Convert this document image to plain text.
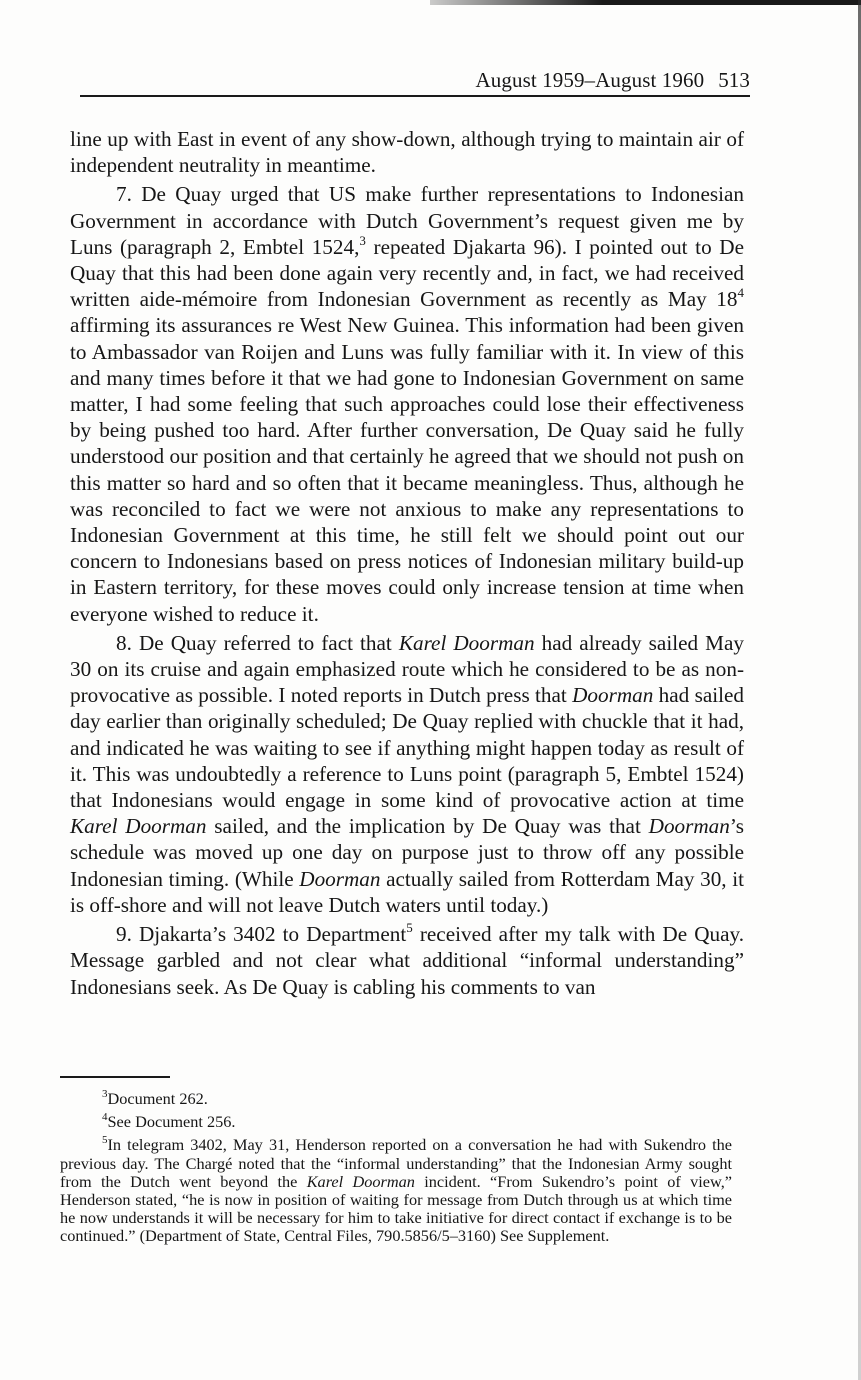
August 1959–August 1960 513

line up with East in event of any show-down, although trying to maintain air of independent neutrality in meantime.

7. De Quay urged that US make further representations to Indonesian Government in accordance with Dutch Government’s request given me by Luns (paragraph 2, Embtel 1524,$^3$ repeated Djakarta 96). I pointed out to De Quay that this had been done again very recently and, in fact, we had received written aide-mémoire from Indonesian Government as recently as May $18^4$ affirming its assurances re West New Guinea. This information had been given to Ambassador van Roijen and Luns was fully familiar with it. In view of this and many times before it that we had gone to Indonesian Government on same matter, I had some feeling that such approaches could lose their effectiveness by being pushed too hard. After further conversation, De Quay said he fully understood our position and that certainly he agreed that we should not push on this matter so hard and so often that it became meaningless. Thus, although he was reconciled to fact we were not anxious to make any representations to Indonesian Government at this time, he still felt we should point out our concern to Indonesians based on press notices of Indonesian military build-up in Eastern territory, for these moves could only increase tension at time when everyone wished to reduce it.

8. De Quay referred to fact that Karel Doorman had already sailed May 30 on its cruise and again emphasized route which he considered to be as non-provocative as possible. I noted reports in Dutch press that Doorman had sailed day earlier than originally scheduled; De Quay replied with chuckle that it had, and indicated he was waiting to see if anything might happen today as result of it. This was undoubtedly a reference to Luns point (paragraph 5, Embtel 1524) that Indonesians would engage in some kind of provocative action at time Karel Doorman sailed, and the implication by De Quay was that Doorman’s schedule was moved up one day on purpose just to throw off any possible Indonesian timing. (While Doorman actually sailed from Rotterdam May 30, it is off-shore and will not leave Dutch waters until today.)

9. Djakarta’s 3402 to Department$^5$ received after my talk with De Quay. Message garbled and not clear what additional “informal understanding” Indonesians seek. As De Quay is cabling his comments to van

$^3$Document 262.

$^4$See Document 256.

$^5$In telegram 3402, May 31, Henderson reported on a conversation he had with Sukendro the previous day. The Chargé noted that the “informal understanding” that the Indonesian Army sought from the Dutch went beyond the Karel Doorman incident. “From Sukendro’s point of view,” Henderson stated, “he is now in position of waiting for message from Dutch through us at which time he now understands it will be necessary for him to take initiative for direct contact if exchange is to be continued.” (Department of State, Central Files, 790.5856/5–3160) See Supplement.
